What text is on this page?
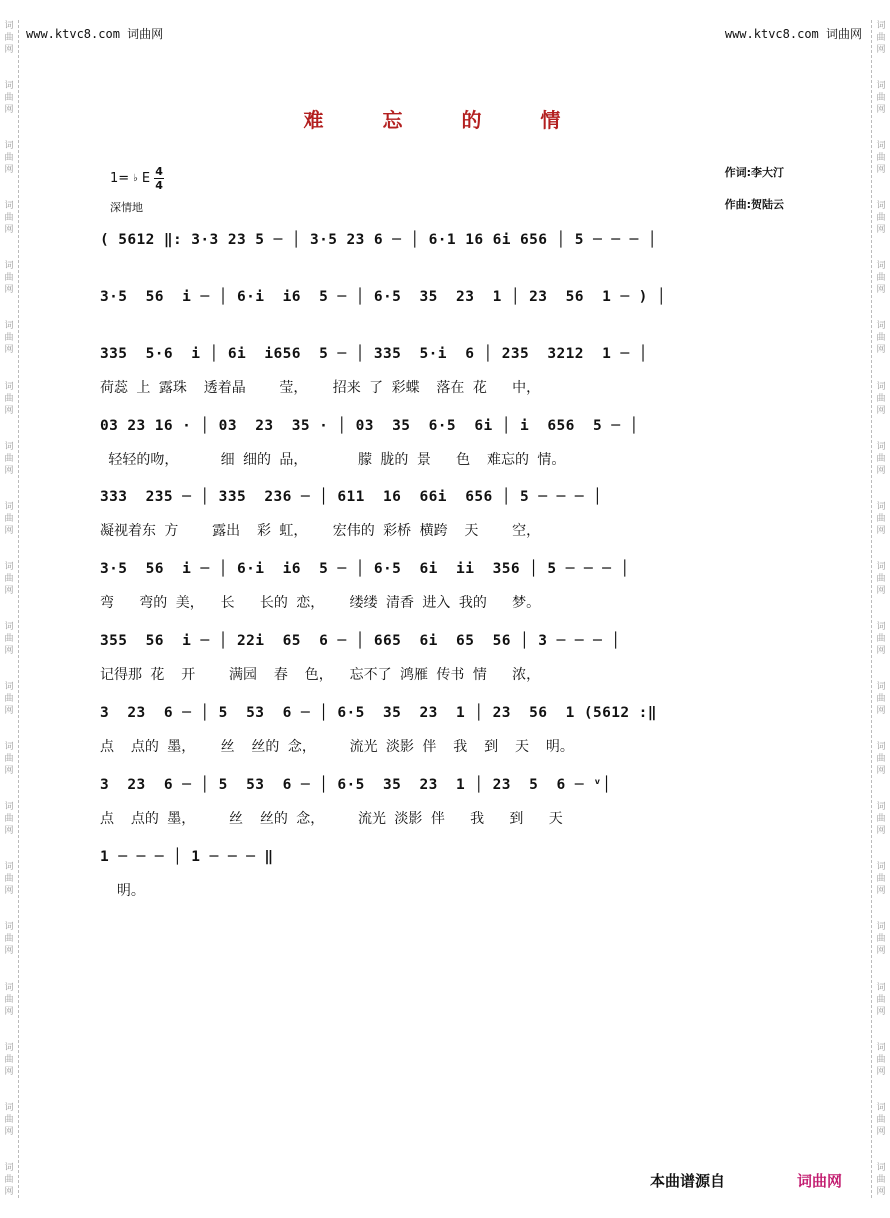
词
曲
网
词
曲
网
词
曲
网
词
曲
网
词
曲
网
词
曲
网
词
曲
网
词
曲
网
词
曲
网
词
曲
网
词
曲
网
词
曲
网
词
曲
网
词
曲
网
词
曲
网
词
曲
网
词
曲
网
词
曲
网
词
曲
网
词
曲
网
词
曲
网
词
曲
网
词
曲
网
词
曲
网
词
曲
网
词
曲
网
词
曲
网
词
曲
网
词
曲
网
词
曲
网
词
曲
网
词
曲
网
词
曲
网
词
曲
网
词
曲
网
词
曲
网
词
曲
网
词
曲
网
词
曲
网
词
曲
网
www.ktvc8.com 词曲网	www.ktvc8.com 词曲网
难 忘 的 情
1= ♭ E 4
4
深情地
作词:李大汀
作曲:贺陆云
( 5612 ‖: 3·3 23 5 ─ │ 3·5 23 6 ─ │ 6·1 16 6i 656 │ 5 ─ ─ ─ │
3·5  56  i ─ │ 6·i  i6  5 ─ │ 6·5  35  23  1 │ 23  56  1 ─ ) │
335  5·6  i │ 6i  i656  5 ─ │ 335  5·i  6 │ 235  3212  1 ─ │
荷蕊 上 露珠  透着晶    莹，   招来 了 彩蝶  落在 花   中，
03 23 16 · │ 03  23  35 · │ 03  35  6·5  6i │ i  656  5 ─ │
轻轻的吻，     细 细的 品，      朦 胧的 景   色  难忘的 情。
333  235 ─ │ 335  236 ─ │ 611  16  66i  656 │ 5 ─ ─ ─ │
凝视着东 方    露出  彩 虹，   宏伟的 彩桥 横跨  天    空，
3·5  56  i ─ │ 6·i  i6  5 ─ │ 6·5  6i  ii  356 │ 5 ─ ─ ─ │
弯   弯的 美，  长   长的 恋，   缕缕 清香 进入 我的   梦。
355  56  i ─ │ 22i  65  6 ─ │ 665  6i  65  56 │ 3 ─ ─ ─ │
记得那 花  开    满园  春  色，  忘不了 鸿雁 传书 情   浓，
3  23  6 ─ │ 5  53  6 ─ │ 6·5  35  23  1 │ 23  56  1 (5612 :‖
点  点的 墨，   丝  丝的 念，    流光 淡影 伴  我  到  天  明。
3  23  6 ─ │ 5  53  6 ─ │ 6·5  35  23  1 │ 23  5  6 ─ ᵛ│
点  点的 墨，    丝  丝的 念，    流光 淡影 伴   我   到   天
1 ─ ─ ─ │ 1 ─ ─ ─ ‖
明。
本曲谱源自	词曲网
